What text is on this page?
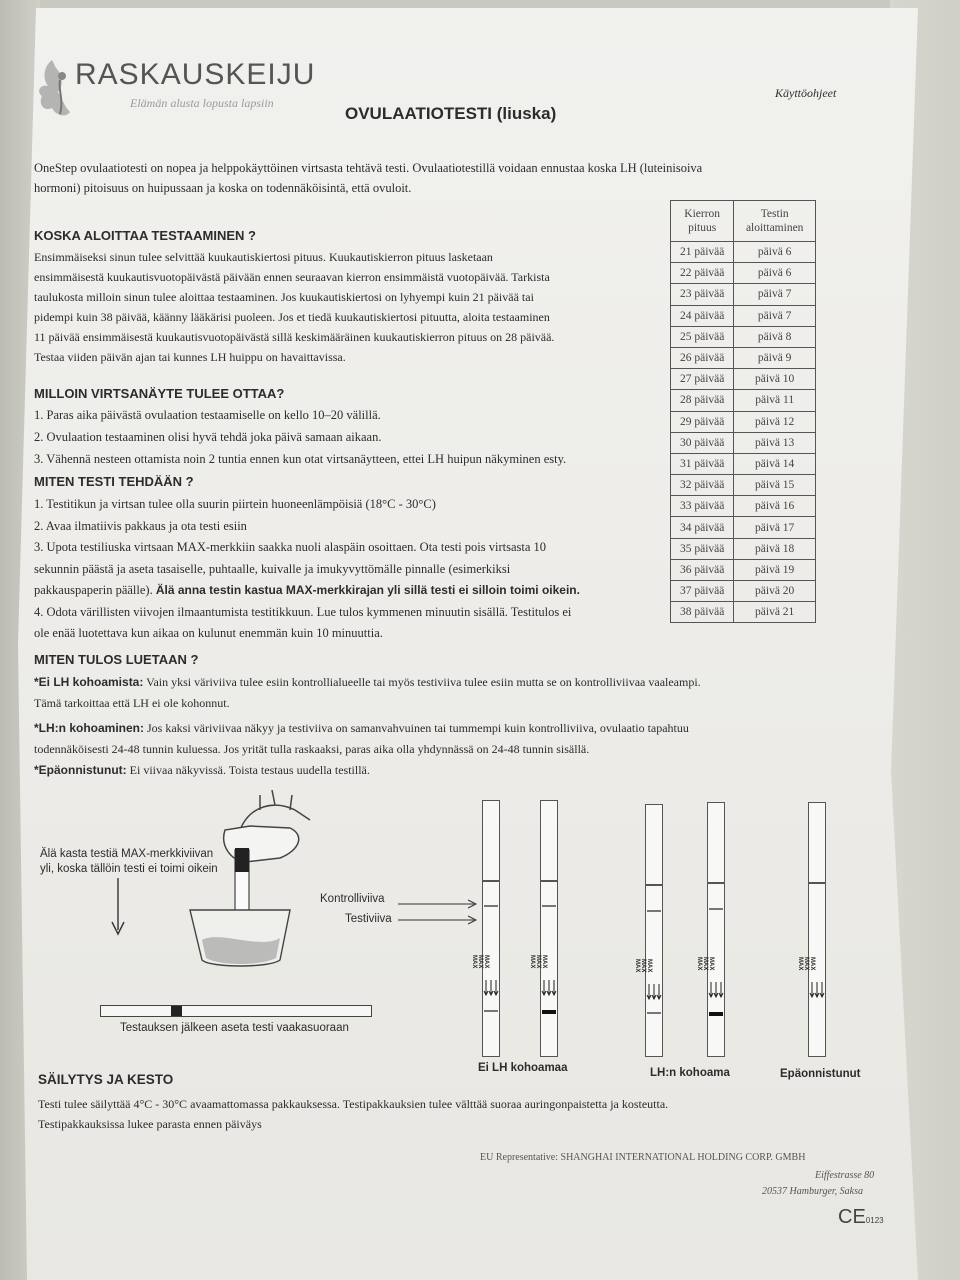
RASKAUSKEIJU
Elämän alusta lopusta lapsiin
OVULAATIOTESTI (liuska)
Käyttöohjeet
OneStep ovulaatiotesti on nopea ja helppokäyttöinen virtsasta tehtävä testi. Ovulaatiotestillä voidaan ennustaa koska LH (luteinisoiva
hormoni) pitoisuus on huipussaan ja koska on todennäköisintä, että ovuloit.
KOSKA ALOITTAA TESTAAMINEN ?
Ensimmäiseksi sinun tulee selvittää kuukautiskiertosi pituus. Kuukautiskierron pituus lasketaan
ensimmäisestä kuukautisvuotopäivästä päivään ennen seuraavan kierron ensimmäistä vuotopäivää. Tarkista
taulukosta milloin sinun tulee aloittaa testaaminen. Jos kuukautiskiertosi on lyhyempi kuin 21 päivää tai
pidempi kuin 38 päivää, käänny lääkärisi puoleen. Jos et tiedä kuukautiskiertosi pituutta, aloita testaaminen
11 päivää ensimmäisestä kuukautisvuotopäivästä sillä keskimääräinen kuukautiskierron pituus on 28 päivää.
Testaa viiden päivän ajan tai kunnes LH huippu on havaittavissa.
MILLOIN VIRTSANÄYTE TULEE OTTAA?
1. Paras aika päivästä ovulaation testaamiselle on kello 10–20 välillä.
2. Ovulaation testaaminen olisi hyvä tehdä joka päivä samaan aikaan.
3. Vähennä nesteen ottamista noin 2 tuntia ennen kun otat virtsanäytteen, ettei LH huipun näkyminen esty.
MITEN TESTI TEHDÄÄN ?
1. Testitikun ja virtsan tulee olla suurin piirtein huoneenlämpöisiä (18°C - 30°C)
2. Avaa ilmatiivis pakkaus ja ota testi esiin
3. Upota testiliuska virtsaan MAX-merkkiin saakka nuoli alaspäin osoittaen. Ota testi pois virtsasta 10
sekunnin päästä ja aseta tasaiselle, puhtaalle, kuivalle ja imukyvyttömälle pinnalle (esimerkiksi
pakkauspaperin päälle). Älä anna testin kastua MAX-merkkirajan yli sillä testi ei silloin toimi oikein.
4. Odota värillisten viivojen ilmaantumista testitikkuun. Lue tulos kymmenen minuutin sisällä. Testitulos ei
ole enää luotettava kun aikaa on kulunut enemmän kuin 10 minuuttia.
MITEN TULOS LUETAAN ?
*Ei LH kohoamista: Vain yksi väriviiva tulee esiin kontrollialueelle tai myös testiviiva tulee esiin mutta se on kontrolliviivaa vaaleampi.
Tämä tarkoittaa että LH ei ole kohonnut.
*LH:n kohoaminen: Jos kaksi väriviivaa näkyy ja testiviiva on samanvahvuinen tai tummempi kuin kontrolliviiva, ovulaatio tapahtuu
todennäköisesti 24-48 tunnin kuluessa. Jos yrität tulla raskaaksi, paras aika olla yhdynnässä on 24-48 tunnin sisällä.
*Epäonnistunut: Ei viivaa näkyvissä. Toista testaus uudella testillä.
Kierron
pituus	Testin
aloittaminen
21 päivää	päivä 6
22 päivää	päivä 6
23 päivää	päivä 7
24 päivää	päivä 7
25 päivää	päivä 8
26 päivää	päivä 9
27 päivää	päivä 10
28 päivää	päivä 11
29 päivää	päivä 12
30 päivää	päivä 13
31 päivää	päivä 14
32 päivää	päivä 15
33 päivää	päivä 16
34 päivää	päivä 17
35 päivää	päivä 18
36 päivää	päivä 19
37 päivää	päivä 20
38 päivää	päivä 21
Älä kasta testiä MAX-merkkiviivan
yli, koska tällöin testi ei toimi oikein
Testauksen jälkeen aseta testi vaakasuoraan
Kontrolliviiva
Testiviiva
MAX MAX MAX	MAX MAX MAX	MAX MAX MAX	MAX MAX MAX	MAX MAX MAX
Ei LH kohoamaa	LH:n kohoama	Epäonnistunut
SÄILYTYS JA KESTO
Testi tulee säilyttää 4°C - 30°C avaamattomassa pakkauksessa. Testipakkauksien tulee välttää suoraa auringonpaistetta ja kosteutta.
Testipakkauksissa lukee parasta ennen päiväys
EU Representative: SHANGHAI INTERNATIONAL HOLDING CORP. GMBH
Eiffestrasse 80
20537 Hamburger, Saksa
CE0123
